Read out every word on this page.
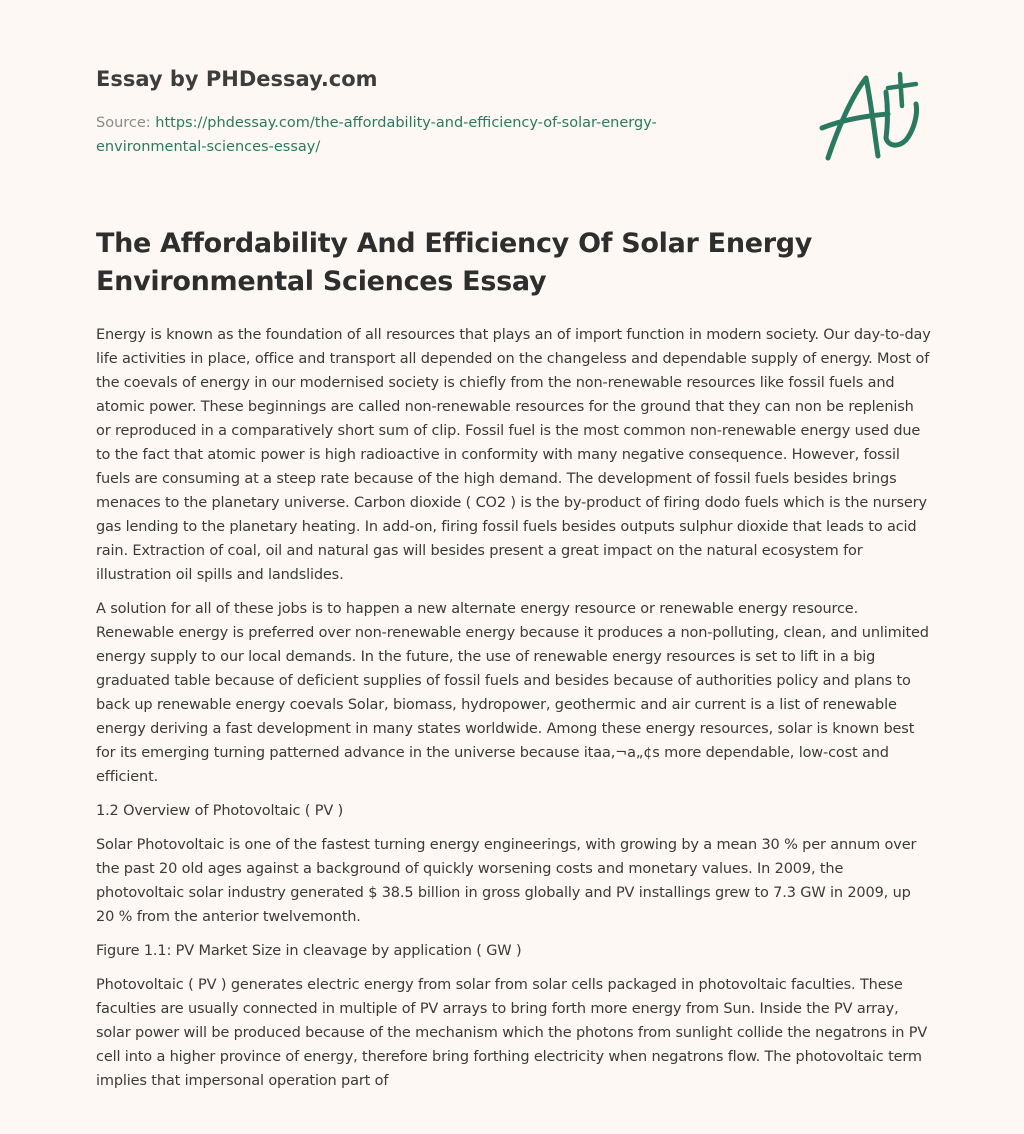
Essay by PHDessay.com
Source: https://phdessay.com/the-affordability-and-efficiency-of-solar-energy-
environmental-sciences-essay/
The Affordability And Efficiency Of Solar Energy Environmental Sciences Essay

Energy is known as the foundation of all resources that plays an of import function in modern society. Our day-to-day life activities in place, office and transport all depended on the changeless and dependable supply of energy. Most of the coevals of energy in our modernised society is chiefly from the non-renewable resources like fossil fuels and atomic power. These beginnings are called non-renewable resources for the ground that they can non be replenish or reproduced in a comparatively short sum of clip. Fossil fuel is the most common non-renewable energy used due to the fact that atomic power is high radioactive in conformity with many negative consequence. However, fossil fuels are consuming at a steep rate because of the high demand. The development of fossil fuels besides brings menaces to the planetary universe. Carbon dioxide ( CO2 ) is the by-product of firing dodo fuels which is the nursery gas lending to the planetary heating. In add-on, firing fossil fuels besides outputs sulphur dioxide that leads to acid rain. Extraction of coal, oil and natural gas will besides present a great impact on the natural ecosystem for illustration oil spills and landslides.

A solution for all of these jobs is to happen a new alternate energy resource or renewable energy resource. Renewable energy is preferred over non-renewable energy because it produces a non-polluting, clean, and unlimited energy supply to our local demands. In the future, the use of renewable energy resources is set to lift in a big graduated table because of deficient supplies of fossil fuels and besides because of authorities policy and plans to back up renewable energy coevals Solar, biomass, hydropower, geothermic and air current is a list of renewable energy deriving a fast development in many states worldwide. Among these energy resources, solar is known best for its emerging turning patterned advance in the universe because itaa‚¬a„¢s more dependable, low-cost and efficient.

1.2 Overview of Photovoltaic ( PV )

Solar Photovoltaic is one of the fastest turning energy engineerings, with growing by a mean 30 % per annum over the past 20 old ages against a background of quickly worsening costs and monetary values. In 2009, the photovoltaic solar industry generated $ 38.5 billion in gross globally and PV installings grew to 7.3 GW in 2009, up 20 % from the anterior twelvemonth.

Figure 1.1: PV Market Size in cleavage by application ( GW )

Photovoltaic ( PV ) generates electric energy from solar from solar cells packaged in photovoltaic faculties. These faculties are usually connected in multiple of PV arrays to bring forth more energy from Sun. Inside the PV array, solar power will be produced because of the mechanism which the photons from sunlight collide the negatrons in PV cell into a higher province of energy, therefore bring forthing electricity when negatrons flow. The photovoltaic term implies that impersonal operation part of
